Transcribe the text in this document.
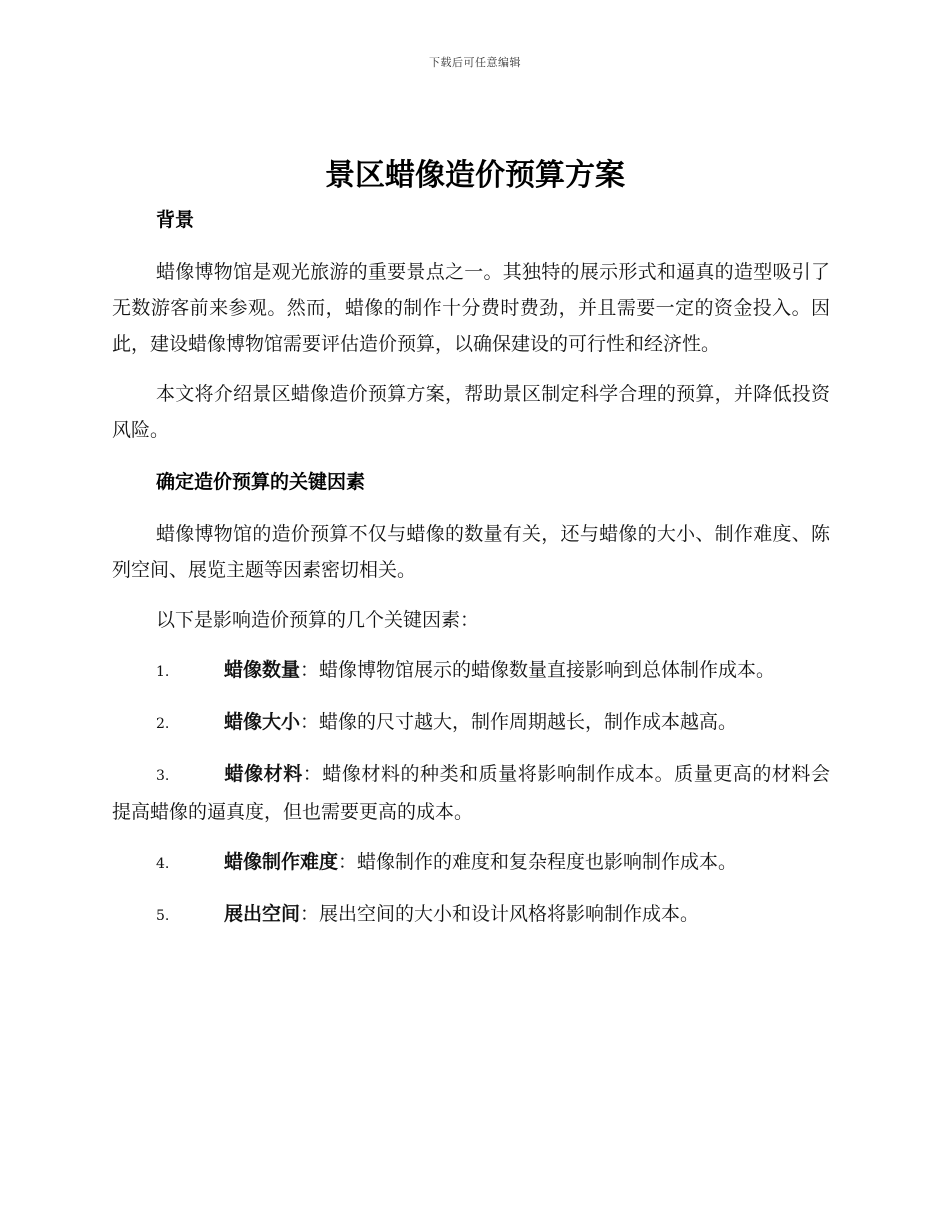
下载后可任意编辑
景区蜡像造价预算方案
背景

蜡像博物馆是观光旅游的重要景点之一。其独特的展示形式和逼真的造型吸引了无数游客前来参观。然而，蜡像的制作十分费时费劲，并且需要一定的资金投入。因此，建设蜡像博物馆需要评估造价预算，以确保建设的可行性和经济性。

本文将介绍景区蜡像造价预算方案，帮助景区制定科学合理的预算，并降低投资风险。

确定造价预算的关键因素

蜡像博物馆的造价预算不仅与蜡像的数量有关，还与蜡像的大小、制作难度、陈列空间、展览主题等因素密切相关。

以下是影响造价预算的几个关键因素：

1.	蜡像数量：蜡像博物馆展示的蜡像数量直接影响到总体制作成本。

2.	蜡像大小：蜡像的尺寸越大，制作周期越长，制作成本越高。

3.	蜡像材料：蜡像材料的种类和质量将影响制作成本。质量更高的材料会提高蜡像的逼真度，但也需要更高的成本。

4.	蜡像制作难度：蜡像制作的难度和复杂程度也影响制作成本。

5.	展出空间：展出空间的大小和设计风格将影响制作成本。
